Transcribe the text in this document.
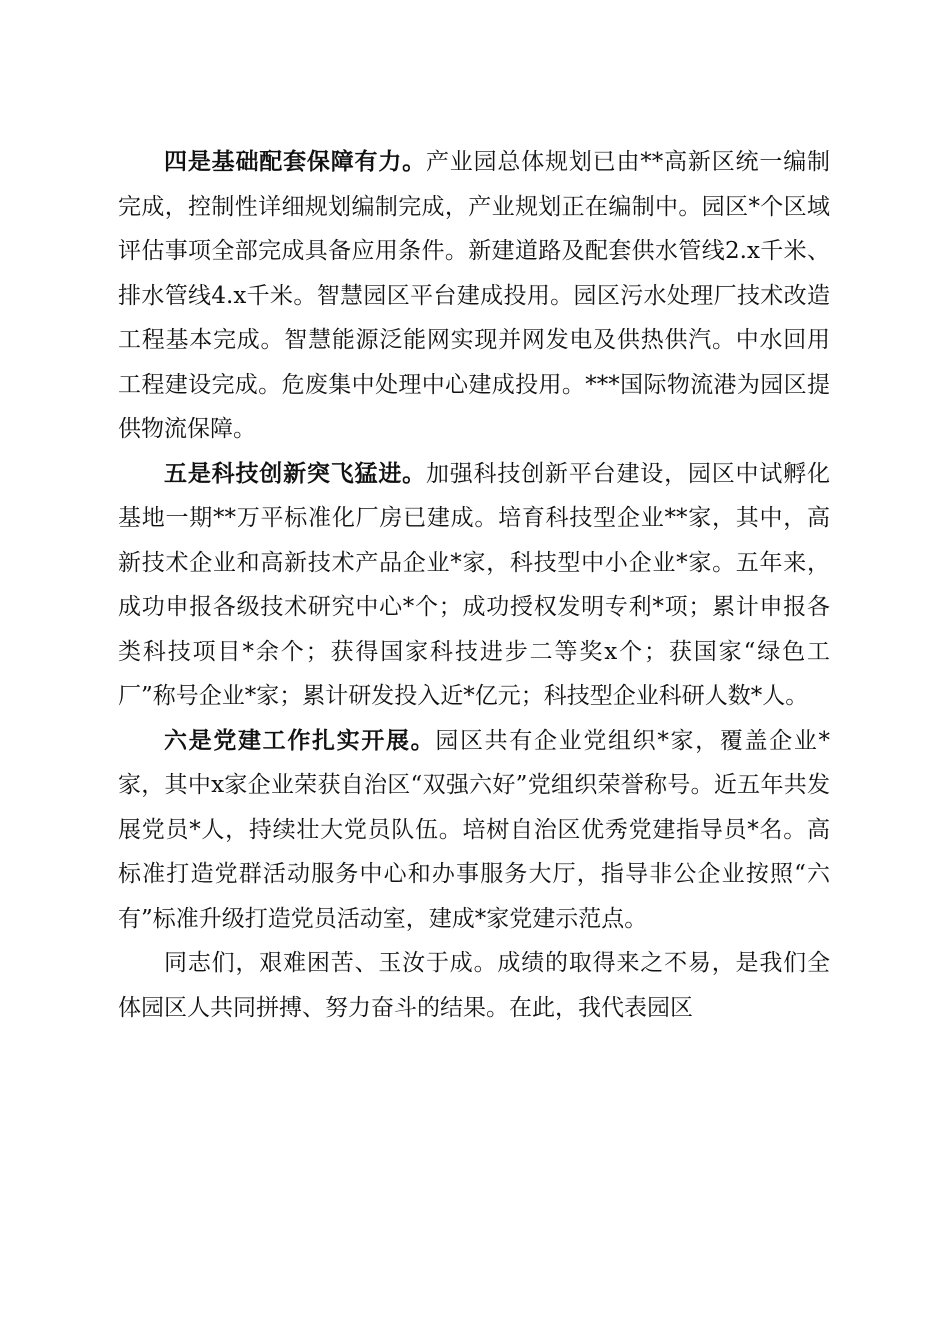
四是基础配套保障有力。产业园总体规划已由**高新区统一编制完成，控制性详细规划编制完成，产业规划正在编制中。园区*个区域评估事项全部完成具备应用条件。新建道路及配套供水管线2.x千米、排水管线4.x千米。智慧园区平台建成投用。园区污水处理厂技术改造工程基本完成。智慧能源泛能网实现并网发电及供热供汽。中水回用工程建设完成。危废集中处理中心建成投用。***国际物流港为园区提供物流保障。

五是科技创新突飞猛进。加强科技创新平台建设，园区中试孵化基地一期**万平标准化厂房已建成。培育科技型企业**家，其中，高新技术企业和高新技术产品企业*家，科技型中小企业*家。五年来，成功申报各级技术研究中心*个；成功授权发明专利*项；累计申报各类科技项目*余个；获得国家科技进步二等奖x个；获国家“绿色工厂”称号企业*家；累计研发投入近*亿元；科技型企业科研人数*人。

六是党建工作扎实开展。园区共有企业党组织*家，覆盖企业*家，其中x家企业荣获自治区“双强六好”党组织荣誉称号。近五年共发展党员*人，持续壮大党员队伍。培树自治区优秀党建指导员*名。高标准打造党群活动服务中心和办事服务大厅，指导非公企业按照“六有”标准升级打造党员活动室，建成*家党建示范点。

同志们，艰难困苦、玉汝于成。成绩的取得来之不易，是我们全体园区人共同拼搏、努力奋斗的结果。在此，我代表园区
